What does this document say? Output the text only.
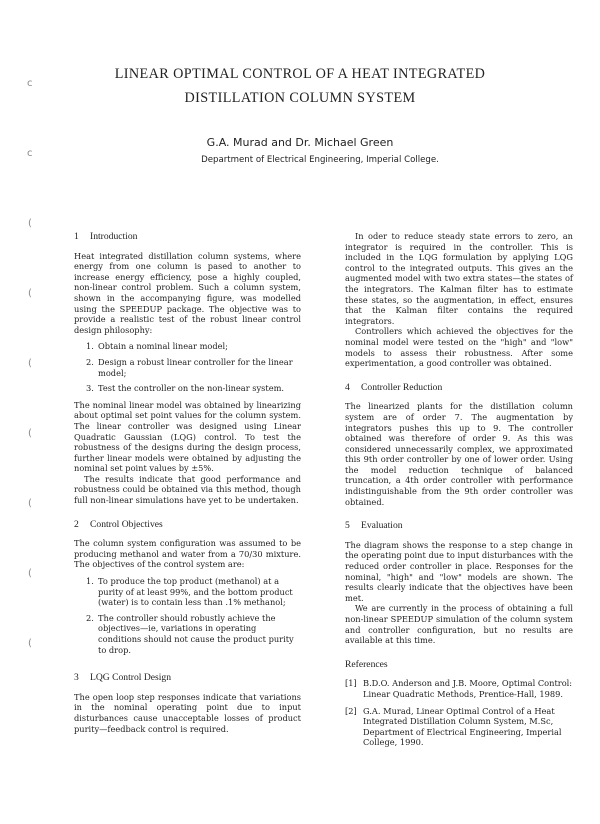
c
c
(
(
(
(
(
(
(
LINEAR OPTIMAL CONTROL OF A HEAT INTEGRATED
DISTILLATION COLUMN SYSTEM
G.A. Murad and Dr. Michael Green
Department of Electrical Engineering, Imperial College.
1 Introduction

Heat integrated distillation column systems, where energy from one column is pased to another to increase energy efficiency, pose a highly coupled, non-linear control problem. Such a column system, shown in the accompanying figure, was modelled using the SPEEDUP package. The objective was to provide a realistic test of the robust linear control design philosophy:

1. Obtain a nominal linear model;
2. Design a robust linear controller for the linear model;
3. Test the controller on the non-linear system.

The nominal linear model was obtained by linearizing about optimal set point values for the column system. The linear controller was designed using Linear Quadratic Gaussian (LQG) control. To test the robustness of the designs during the design process, further linear models were obtained by adjusting the nominal set point values by ±5%.

The results indicate that good performance and robustness could be obtained via this method, though full non-linear simulations have yet to be undertaken.

2 Control Objectives

The column system configuration was assumed to be producing methanol and water from a 70/30 mixture. The objectives of the control system are:

1. To produce the top product (methanol) at a purity of at least 99%, and the bottom product (water) is to contain less than .1% methanol;
2. The controller should robustly achieve the objectives—ie, variations in operating conditions should not cause the product purity to drop.
3 LQG Control Design

The open loop step responses indicate that variations in the nominal operating point due to input disturbances cause unacceptable losses of product purity—feedback control is required.

In oder to reduce steady state errors to zero, an integrator is required in the controller. This is included in the LQG formulation by applying LQG control to the integrated outputs. This gives an the augmented model with two extra states—the states of the integrators. The Kalman filter has to estimate these states, so the augmentation, in effect, ensures that the Kalman filter contains the required integrators.

Controllers which achieved the objectives for the nominal model were tested on the "high" and "low" models to assess their robustness. After some experimentation, a good controller was obtained.

4 Controller Reduction

The linearized plants for the distillation column system are of order 7. The augmentation by integrators pushes this up to 9. The controller obtained was therefore of order 9. As this was considered unnecessarily complex, we approximated this 9th order controller by one of lower order. Using the model reduction technique of balanced truncation, a 4th order controller with performance indistinguishable from the 9th order controller was obtained.

5 Evaluation

The diagram shows the response to a step change in the operating point due to input disturbances with the reduced order controller in place. Responses for the nominal, "high" and "low" models are shown. The results clearly indicate that the objectives have been met.

We are currently in the process of obtaining a full non-linear SPEEDUP simulation of the column system and controller configuration, but no results are available at this time.

References
[1] B.D.O. Anderson and J.B. Moore, Optimal Control: Linear Quadratic Methods, Prentice-Hall, 1989.
[2] G.A. Murad, Linear Optimal Control of a Heat Integrated Distillation Column System, M.Sc, Department of Electrical Engineering, Imperial College, 1990.
